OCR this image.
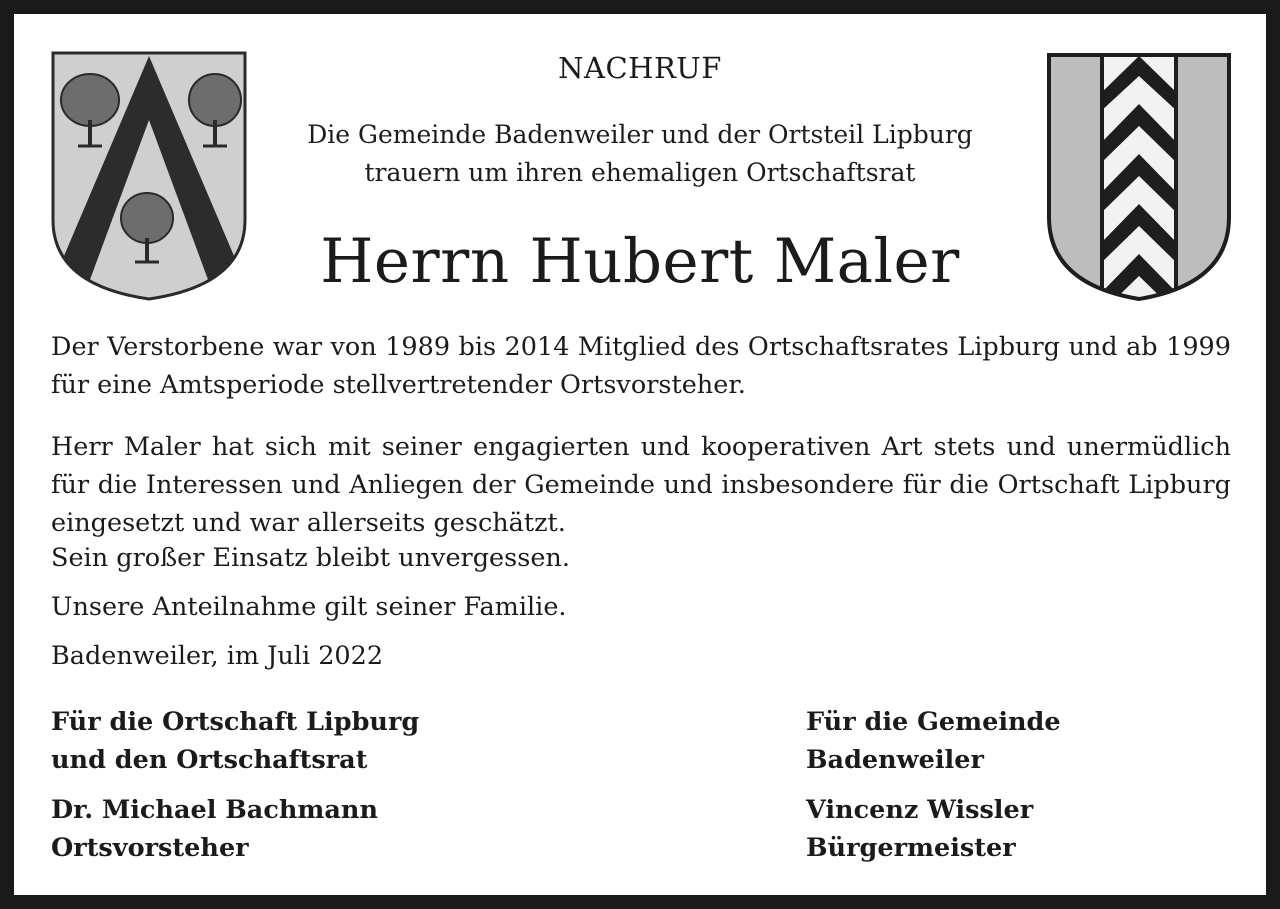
NACHRUF
Die Gemeinde Badenweiler und der Ortsteil Lipburg
trauern um ihren ehemaligen Ortschaftsrat
Herrn Hubert Maler
Der Verstorbene war von 1989 bis 2014 Mitglied des Ortschaftsrates Lipburg und ab 1999 für eine Amtsperiode stellvertretender Ortsvorsteher.
Herr Maler hat sich mit seiner engagierten und kooperativen Art stets und unermüdlich für die Interessen und Anliegen der Gemeinde und insbesondere für die Ortschaft Lipburg eingesetzt und war allerseits geschätzt.
Sein großer Einsatz bleibt unvergessen.
Unsere Anteilnahme gilt seiner Familie.
Badenweiler, im Juli 2022
Für die Ortschaft Lipburg
und den Ortschaftsrat
Dr. Michael Bachmann
Ortsvorsteher
Für die Gemeinde Badenweiler
Vincenz Wissler
Bürgermeister
